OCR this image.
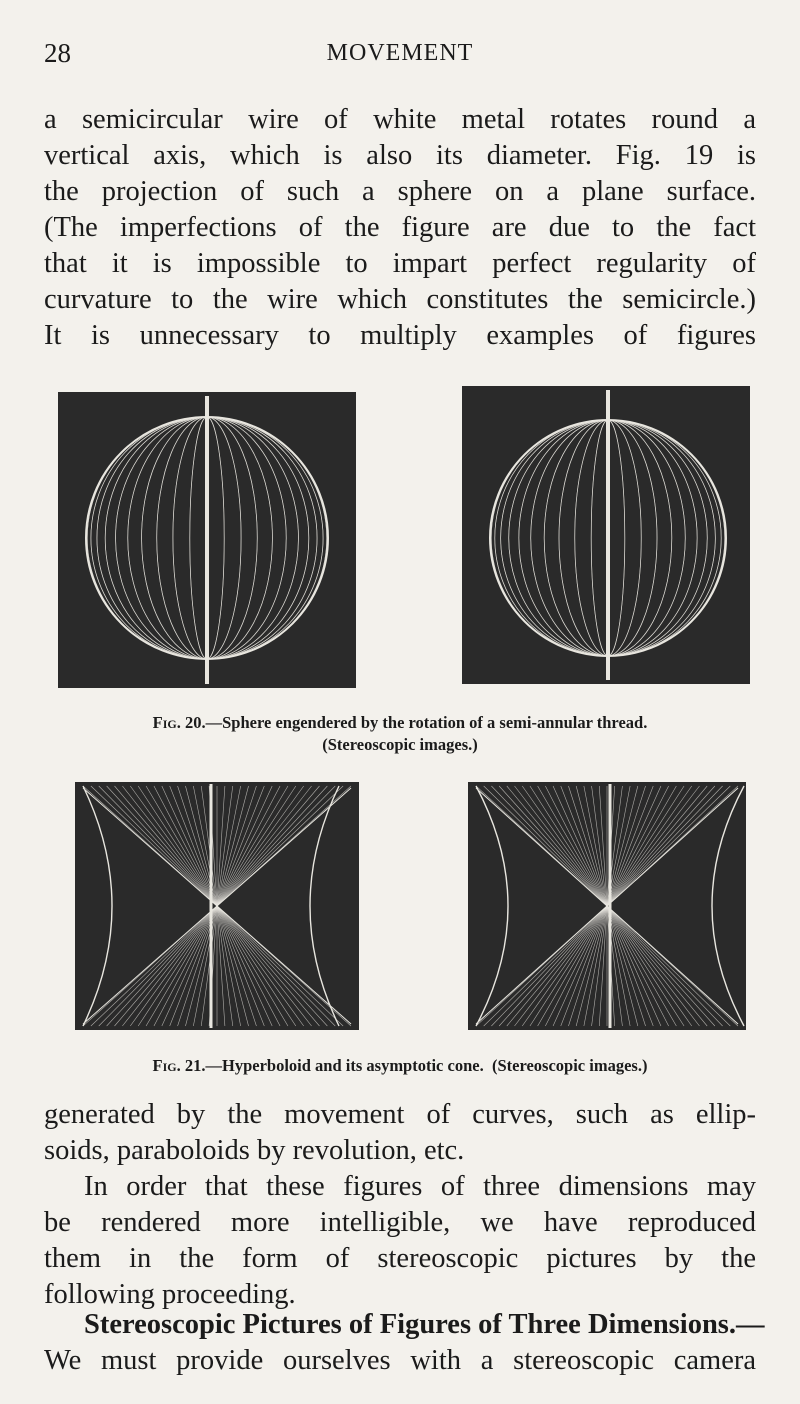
28	MOVEMENT
a semicircular wire of white metal rotates round a
vertical axis, which is also its diameter. Fig. 19 is
the projection of such a sphere on a plane surface.
(The imperfections of the figure are due to the fact
that it is impossible to impart perfect regularity of
curvature to the wire which constitutes the semicircle.)
It is unnecessary to multiply examples of figures
Fig. 20.—Sphere engendered by the rotation of a semi-annular thread.
(Stereoscopic images.)
Fig. 21.—Hyperboloid and its asymptotic cone. (Stereoscopic images.)
generated by the movement of curves, such as ellip-
soids, paraboloids by revolution, etc.
In order that these figures of three dimensions may
be rendered more intelligible, we have reproduced
them in the form of stereoscopic pictures by the
following proceeding.
Stereoscopic Pictures of Figures of Three Dimensions.—
We must provide ourselves with a stereoscopic camera
